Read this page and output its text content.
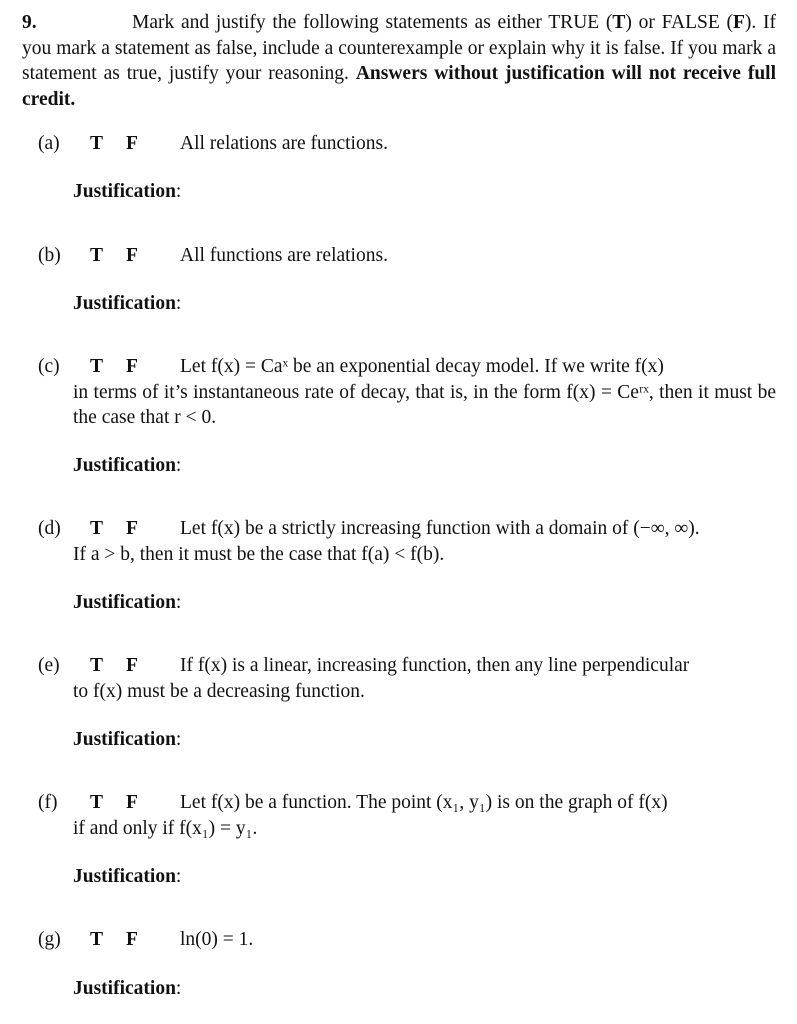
9.	Mark and justify the following statements as either TRUE (T) or FALSE (F). If you mark a statement as false, include a counterexample or explain why it is false. If you mark a statement as true, justify your reasoning. Answers without justification will not receive full credit.
(a) T F All relations are functions.
Justification:
(b) T F All functions are relations.
Justification:
(c) T F Let f(x) = Caˣ be an exponential decay model. If we write f(x)
in terms of it’s instantaneous rate of decay, that is, in the form f(x) = Ceʳˣ, then it must be the case that r < 0.
Justification:
(d) T F Let f(x) be a strictly increasing function with a domain of (−∞, ∞).
If a > b, then it must be the case that f(a) < f(b).
Justification:
(e) T F If f(x) is a linear, increasing function, then any line perpendicular
to f(x) must be a decreasing function.
Justification:
(f) T F Let f(x) be a function. The point (x₁, y₁) is on the graph of f(x)
if and only if f(x₁) = y₁.
Justification:
(g) T F ln(0) = 1.
Justification:
